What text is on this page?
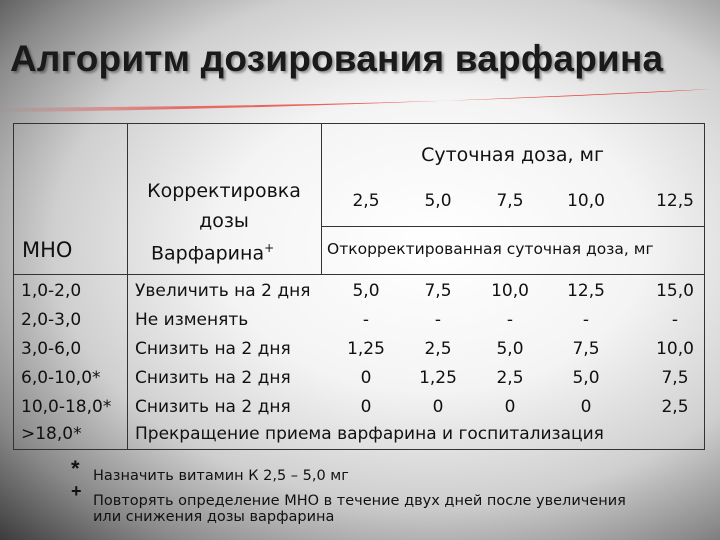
Алгоритм дозирования варфарина
МНО
Корректировка
дозы
Варфарина+
Суточная доза, мг
2,5	5,0	7,5	10,0	12,5
Откорректированная суточная доза, мг
1,0-2,0	Увеличить на 2 дня	5,0	7,5	10,0	12,5	15,0
2,0-3,0	Не изменять	-	-	-	-	-
3,0-6,0	Снизить на 2 дня	1,25	2,5	5,0	7,5	10,0
6,0-10,0* Снизить на 2 дня	0	1,25	2,5	5,0	7,5
10,0-18,0* Снизить на 2 дня	0	0	0	0	2,5
>18,0*	Прекращение приема варфарина и госпитализация
* Назначить витамин К 2,5 – 5,0 мг
+ Повторять определение МНО в течение двух дней после увеличения
или снижения дозы варфарина
